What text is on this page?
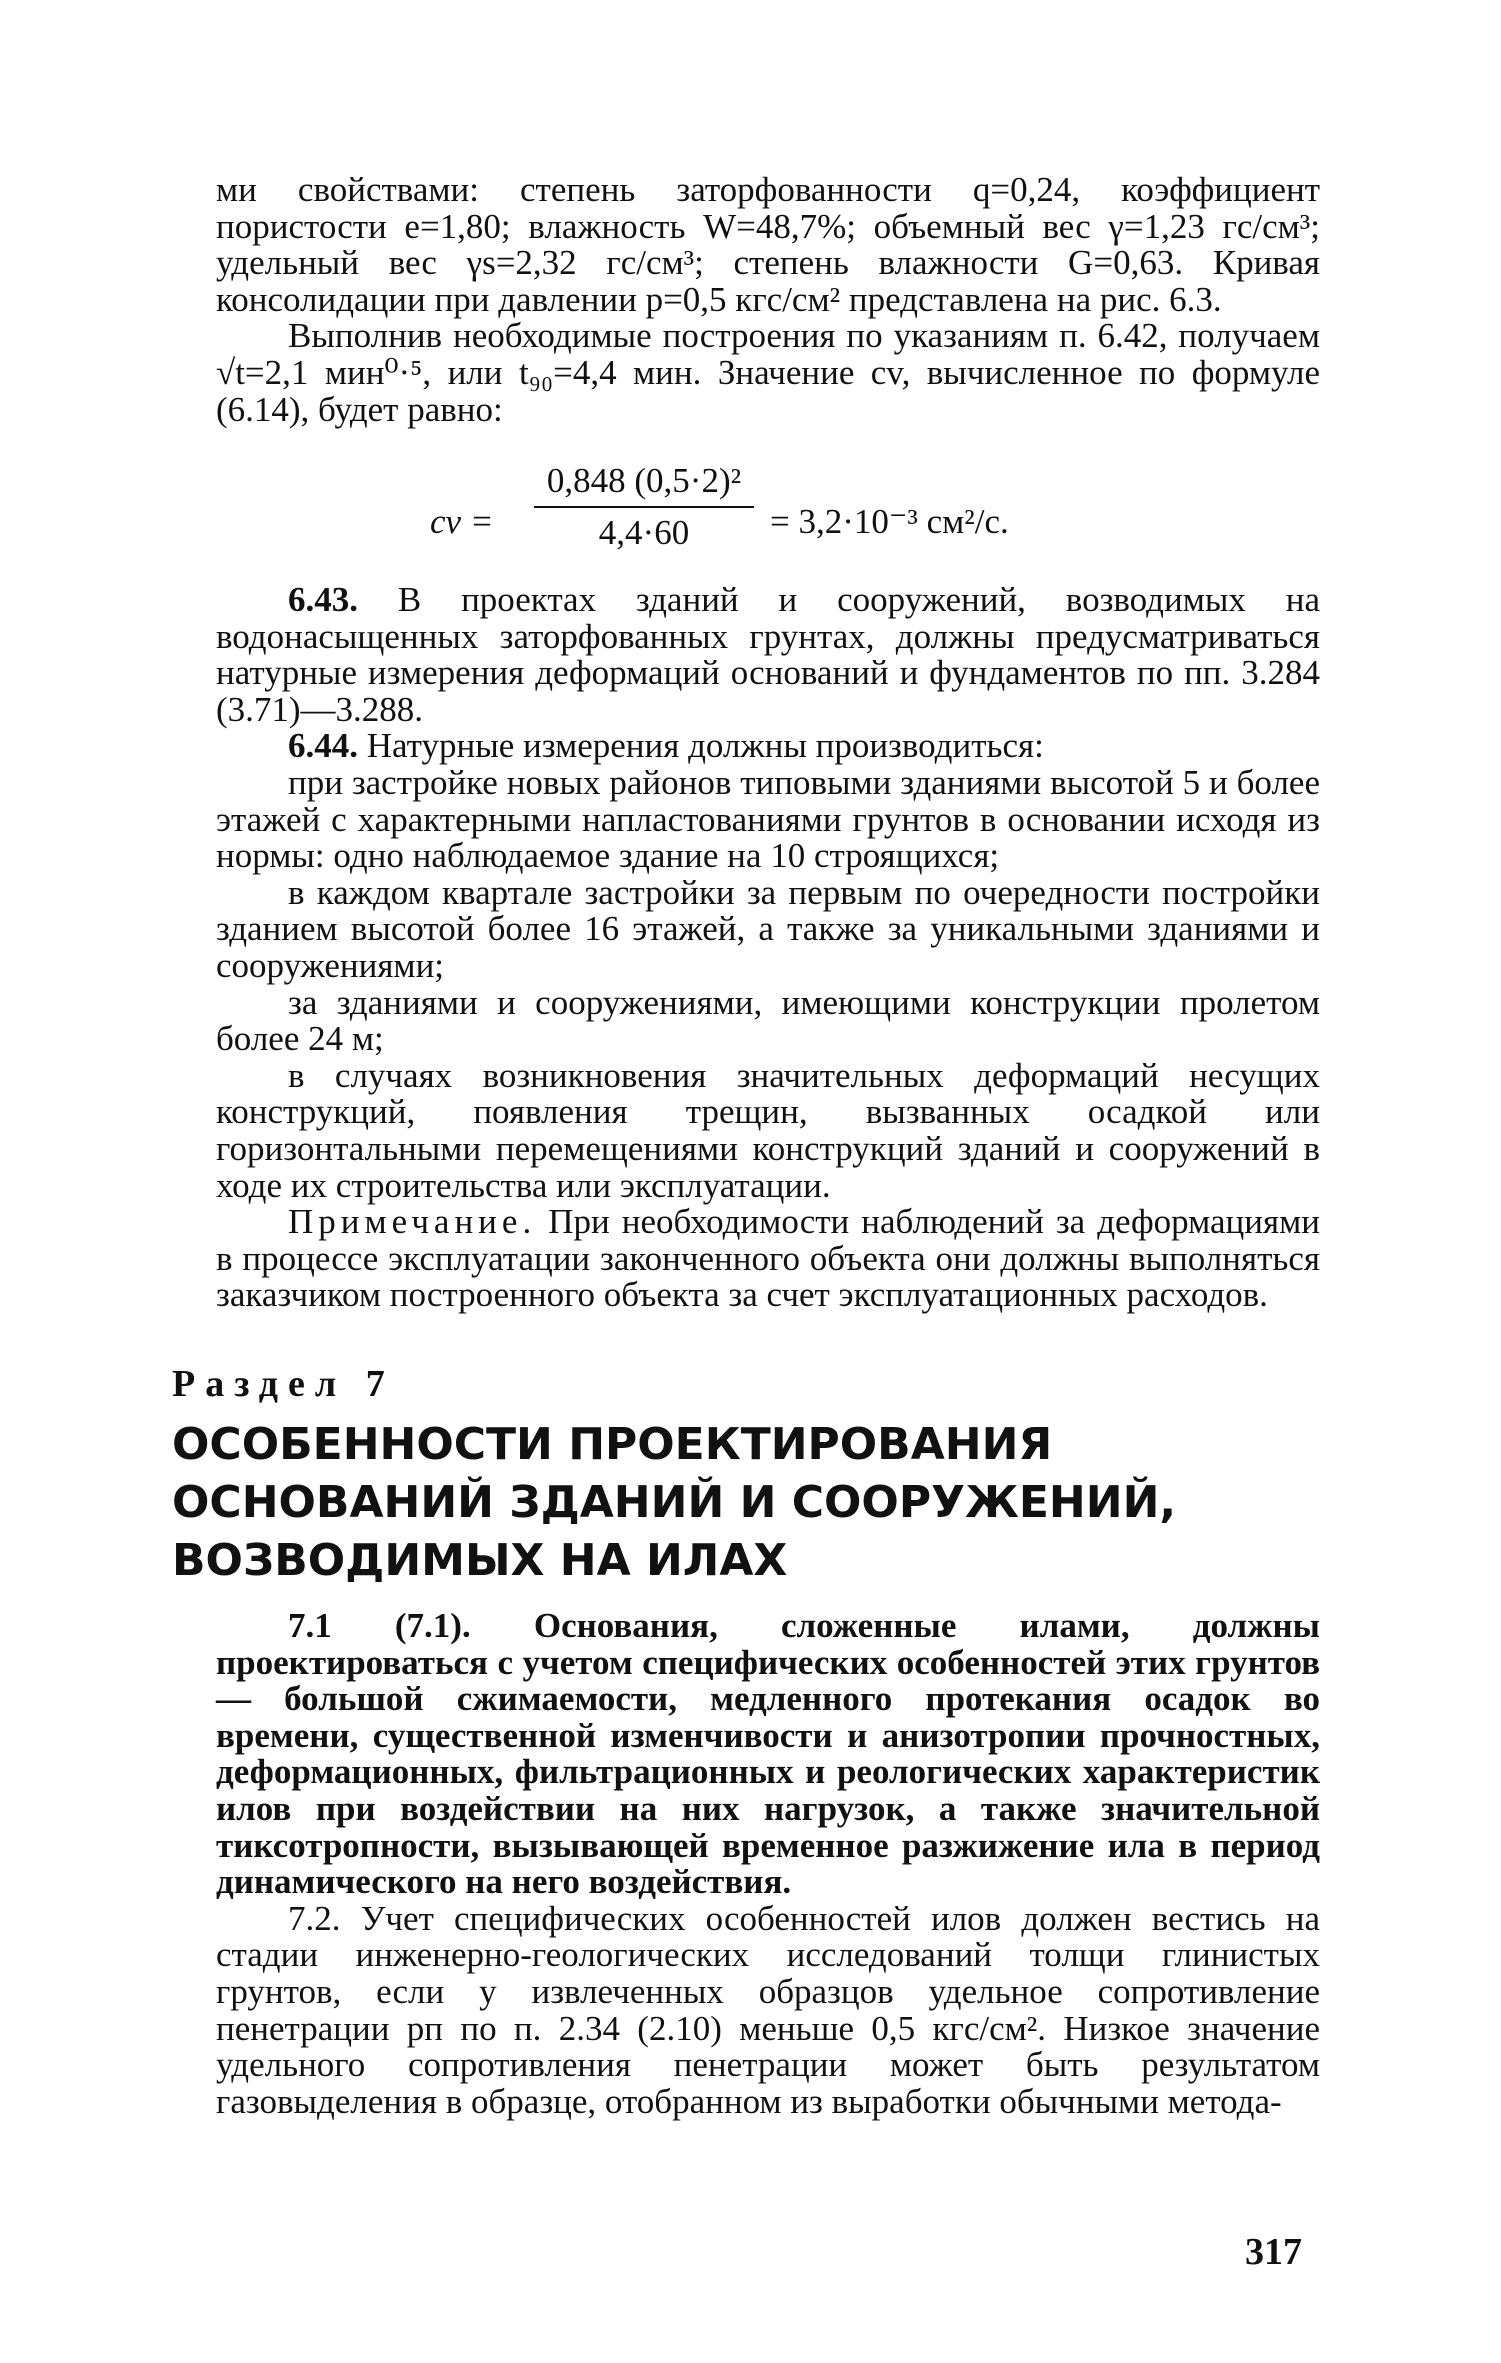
ми свойствами: степень заторфованности q=0,24, коэффициент пористости е=1,80; влажность W=48,7%; объемный вес γ=1,23 гс/см³; удельный вес γs=2,32 гс/см³; степень влажности G=0,63. Кривая консолидации при давлении p=0,5 кгс/см² представлена на рис. 6.3.

Выполнив необходимые построения по указаниям п. 6.42, получаем √t=2,1 мин⁰·⁵, или t₉₀=4,4 мин. Значение cv, вычисленное по формуле (6.14), будет равно:

cv =
0,848 (0,5·2)²
4,4·60	= 3,2·10⁻³ см²/с.

6.43. В проектах зданий и сооружений, возводимых на водонасыщенных заторфованных грунтах, должны предусматриваться натурные измерения деформаций оснований и фундаментов по пп. 3.284 (3.71)—3.288.

6.44. Натурные измерения должны производиться:

при застройке новых районов типовыми зданиями высотой 5 и более этажей с характерными напластованиями грунтов в основании исходя из нормы: одно наблюдаемое здание на 10 строящихся;

в каждом квартале застройки за первым по очередности постройки зданием высотой более 16 этажей, а также за уникальными зданиями и сооружениями;

за зданиями и сооружениями, имеющими конструкции пролетом более 24 м;

в случаях возникновения значительных деформаций несущих конструкций, появления трещин, вызванных осадкой или горизонтальными перемещениями конструкций зданий и сооружений в ходе их строительства или эксплуатации.

Примечание. При необходимости наблюдений за деформациями в процессе эксплуатации законченного объекта они должны выполняться заказчиком построенного объекта за счет эксплуатационных расходов.

Раздел 7
ОСОБЕННОСТИ ПРОЕКТИРОВАНИЯ
ОСНОВАНИЙ ЗДАНИЙ И СООРУЖЕНИЙ,
ВОЗВОДИМЫХ НА ИЛАХ

7.1 (7.1). Основания, сложенные илами, должны проектироваться с учетом специфических особенностей этих грунтов — большой сжимаемости, медленного протекания осадок во времени, существенной изменчивости и анизотропии прочностных, деформационных, фильтрационных и реологических характеристик илов при воздействии на них нагрузок, а также значительной тиксотропности, вызывающей временное разжижение ила в период динамического на него воздействия.

7.2. Учет специфических особенностей илов должен вестись на стадии инженерно-геологических исследований толщи глинистых грунтов, если у извлеченных образцов удельное сопротивление пенетрации pп по п. 2.34 (2.10) меньше 0,5 кгс/см². Низкое значение удельного сопротивления пенетрации может быть результатом газовыделения в образце, отобранном из выработки обычными метода-

317
